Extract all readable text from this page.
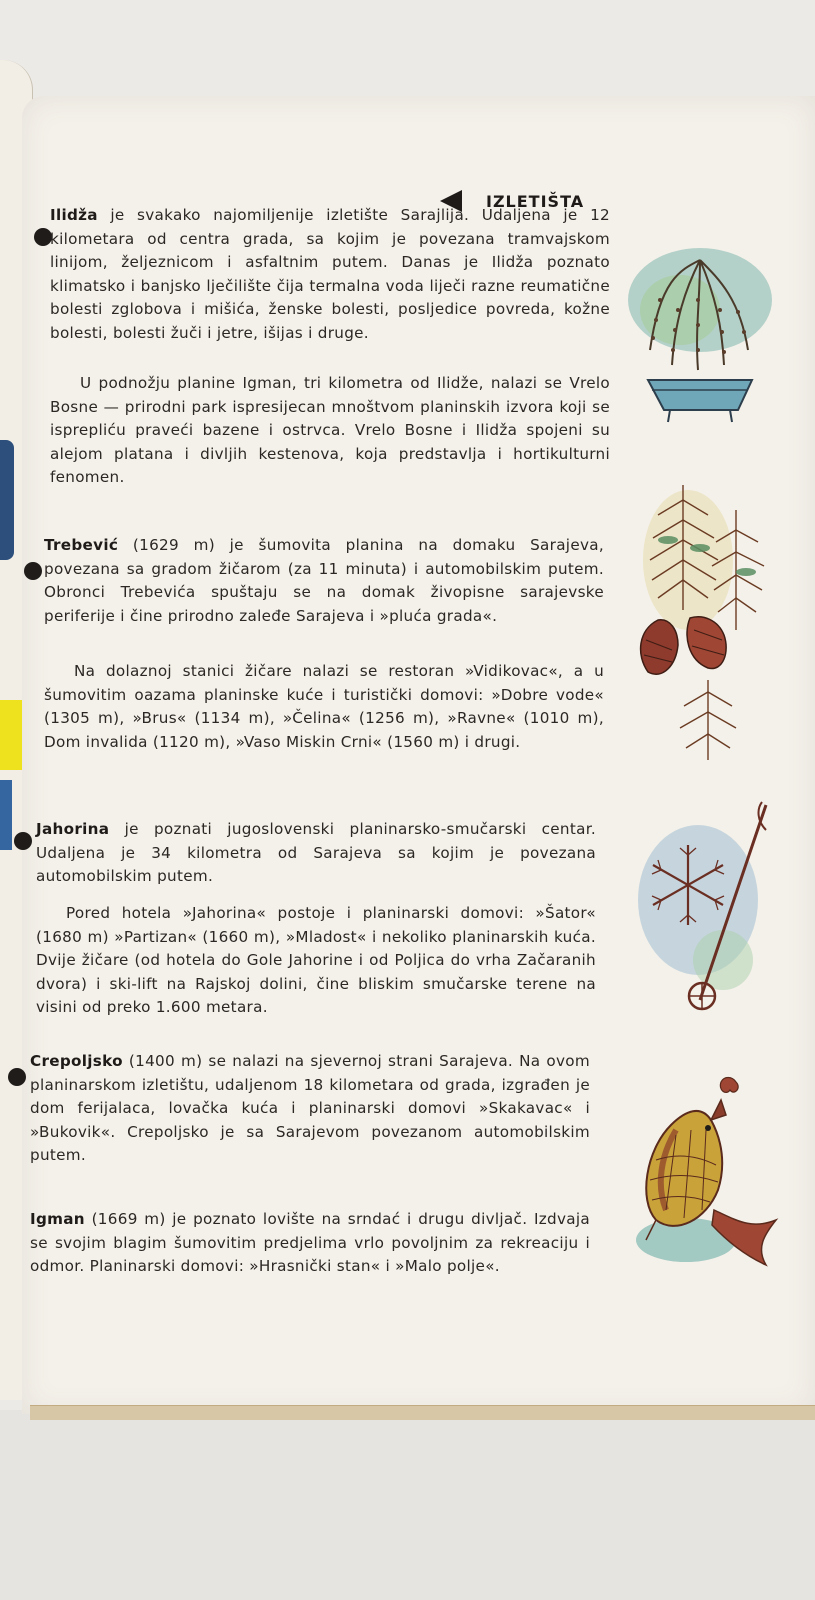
IZLETIŠTA

Ilidža je svakako najomiljenije izletište Sarajlija. Udaljena je 12 kilometara od centra grada, sa kojim je povezana tramvajskom linijom, željeznicom i asfaltnim putem. Danas je Ilidža poznato klimatsko i banjsko lječilište čija termalna voda liječi razne reumatične bolesti zglobova i mišića, ženske bolesti, posljedice povreda, kožne bolesti, bolesti žuči i jetre, išijas i druge.

U podnožju planine Igman, tri kilometra od Ilidže, nalazi se Vrelo Bosne — prirodni park ispresijecan mnoštvom planinskih izvora koji se isprepliću praveći bazene i ostrvca. Vrelo Bosne i Ilidža spojeni su alejom platana i divljih kestenova, koja predstavlja i hortikulturni fenomen.

Trebević (1629 m) je šumovita planina na domaku Sarajeva, povezana sa gradom žičarom (za 11 minuta) i automobilskim putem. Obronci Trebevića spuštaju se na domak živopisne sarajevske periferije i čine prirodno zaleđe Sarajeva i »pluća grada«.

Na dolaznoj stanici žičare nalazi se restoran »Vidikovac«, a u šumovitim oazama planinske kuće i turistički domovi: »Dobre vode« (1305 m), »Brus« (1134 m), »Čelina« (1256 m), »Ravne« (1010 m), Dom invalida (1120 m), »Vaso Miskin Crni« (1560 m) i drugi.

Jahorina je poznati jugoslovenski planinarsko-smučarski centar. Udaljena je 34 kilometra od Sarajeva sa kojim je povezana automobilskim putem.

Pored hotela »Jahorina« postoje i planinarski domovi: »Šator« (1680 m) »Partizan« (1660 m), »Mladost« i nekoliko planinarskih kuća. Dvije žičare (od hotela do Gole Jahorine i od Poljica do vrha Začaranih dvora) i ski-lift na Rajskoj dolini, čine bliskim smučarske terene na visini od preko 1.600 metara.

Crepoljsko (1400 m) se nalazi na sjevernoj strani Sarajeva. Na ovom planinarskom izletištu, udaljenom 18 kilometara od grada, izgrađen je dom ferijalaca, lovačka kuća i planinarski domovi »Skakavac« i »Bukovik«. Crepoljsko je sa Sarajevom povezanom automobilskim putem.

Igman (1669 m) je poznato lovište na srndać i drugu divljač. Izdvaja se svojim blagim šumovitim predjelima vrlo povoljnim za rekreaciju i odmor. Planinarski domovi: »Hrasnički stan« i »Malo polje«.
